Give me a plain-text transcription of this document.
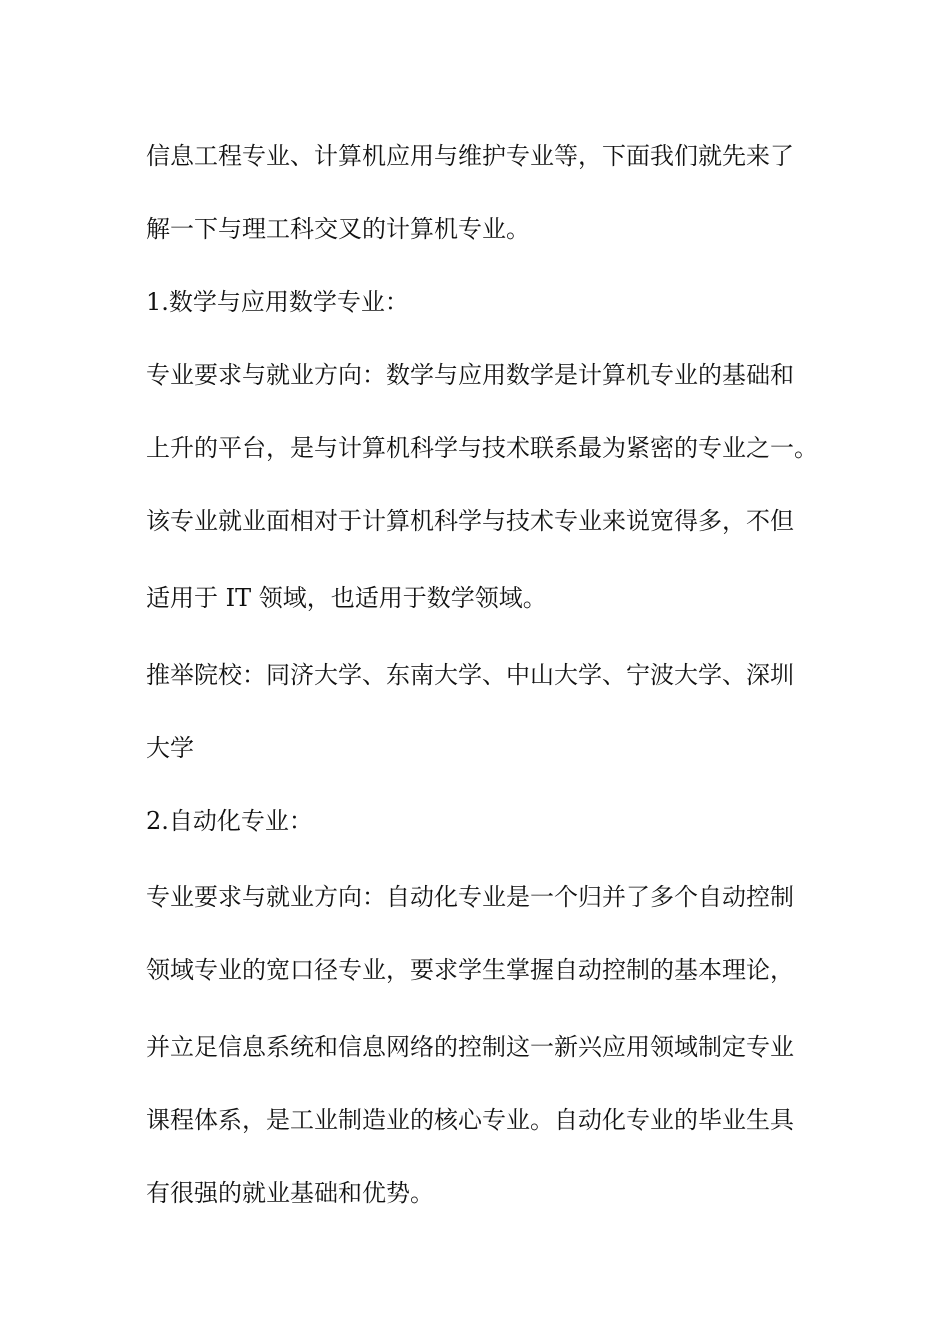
信息工程专业、计算机应用与维护专业等，下面我们就先来了
解一下与理工科交叉的计算机专业。
1.数学与应用数学专业：
专业要求与就业方向：数学与应用数学是计算机专业的基础和
上升的平台，是与计算机科学与技术联系最为紧密的专业之一。
该专业就业面相对于计算机科学与技术专业来说宽得多，不但
适用于 IT 领域，也适用于数学领域。
推举院校：同济大学、东南大学、中山大学、宁波大学、深圳
大学
2.自动化专业：
专业要求与就业方向：自动化专业是一个归并了多个自动控制
领域专业的宽口径专业，要求学生掌握自动控制的基本理论，
并立足信息系统和信息网络的控制这一新兴应用领域制定专业
课程体系，是工业制造业的核心专业。自动化专业的毕业生具
有很强的就业基础和优势。
